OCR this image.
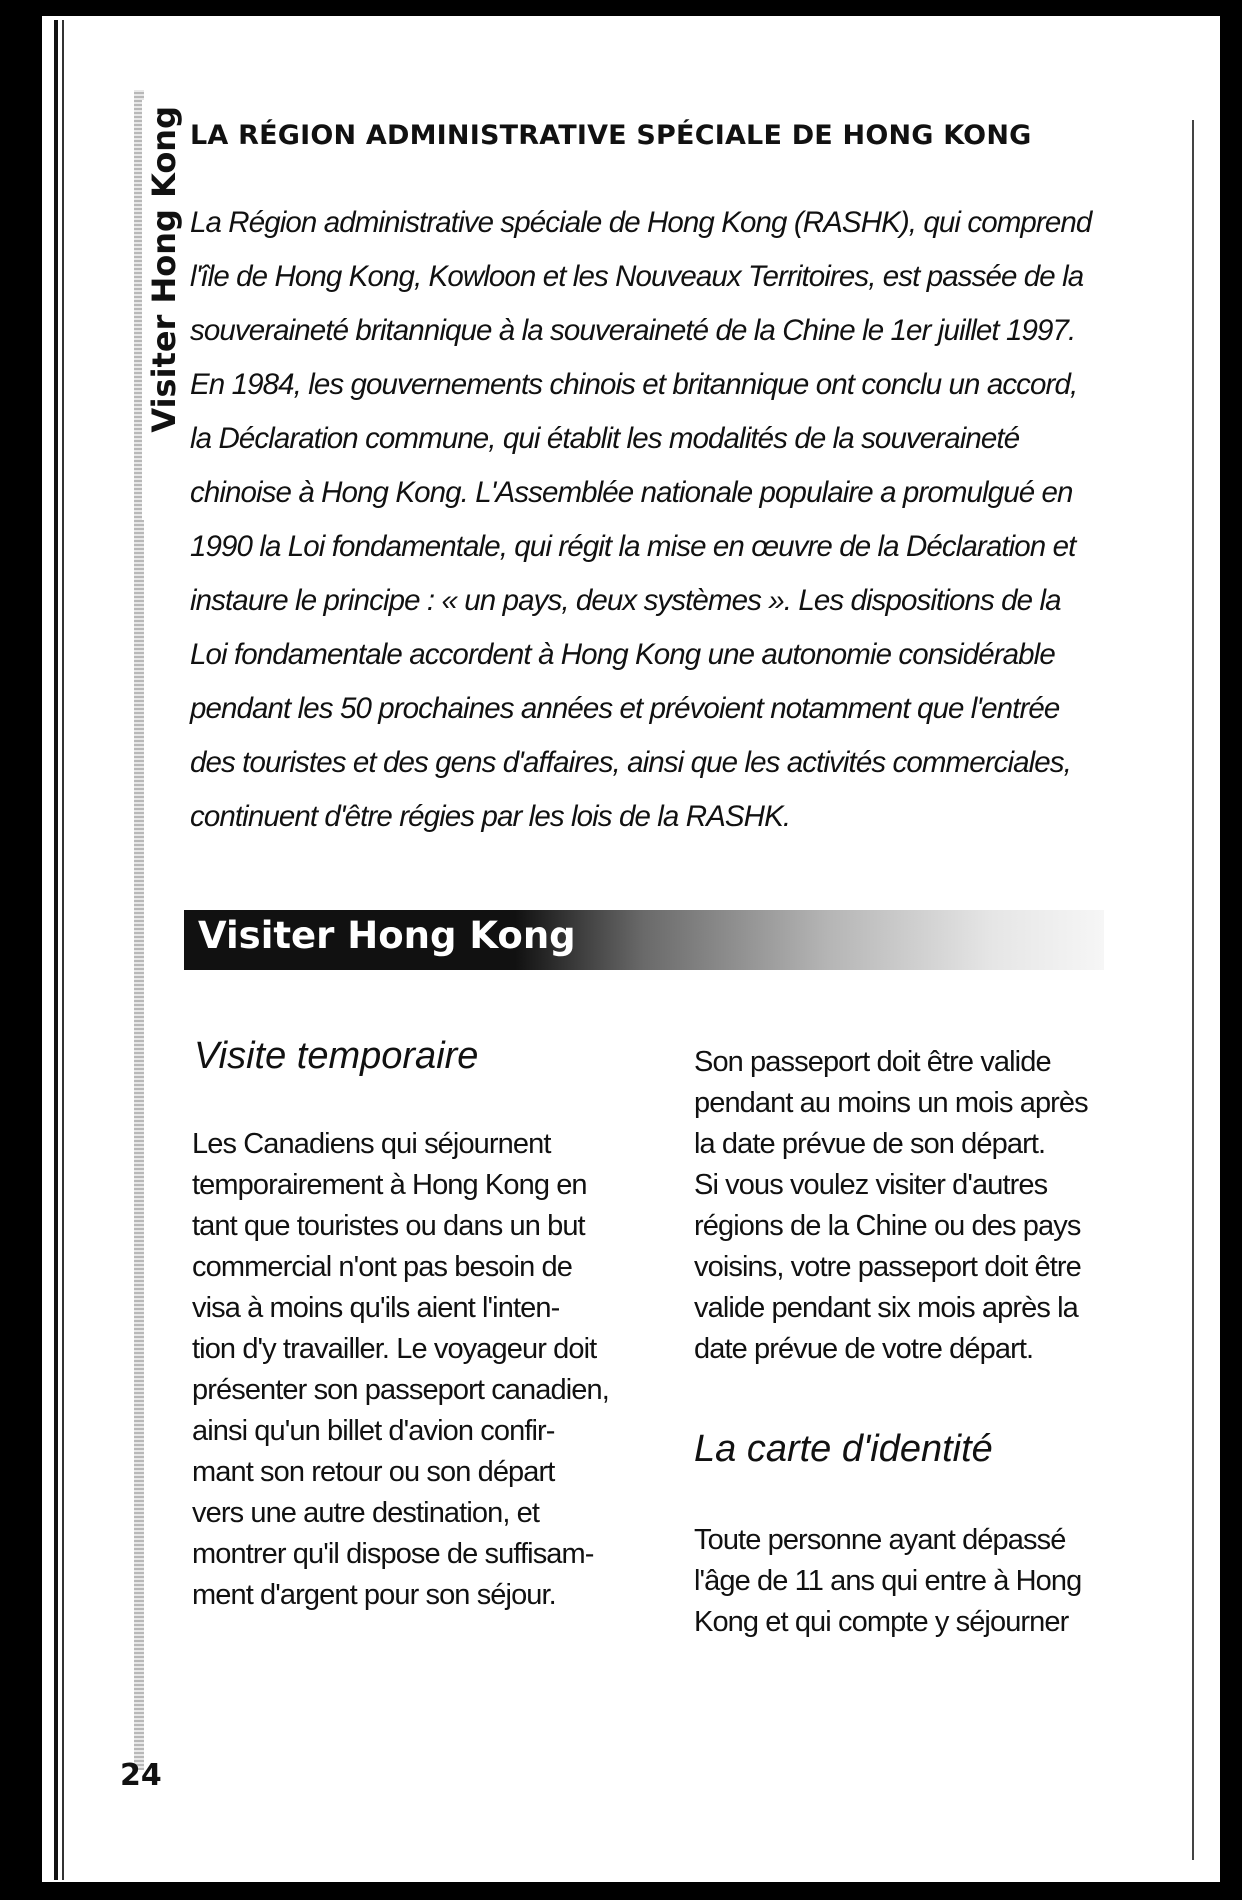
Visiter Hong Kong
24
LA RÉGION ADMINISTRATIVE SPÉCIALE DE HONG KONG
La Région administrative spéciale de Hong Kong (RASHK), qui comprend
l'île de Hong Kong, Kowloon et les Nouveaux Territoires, est passée de la
souveraineté britannique à la souveraineté de la Chine le 1er juillet 1997.
En 1984, les gouvernements chinois et britannique ont conclu un accord,
la Déclaration commune, qui établit les modalités de la souveraineté
chinoise à Hong Kong. L'Assemblée nationale populaire a promulgué en
1990 la Loi fondamentale, qui régit la mise en œuvre de la Déclaration et
instaure le principe : « un pays, deux systèmes ». Les dispositions de la
Loi fondamentale accordent à Hong Kong une autonomie considérable
pendant les 50 prochaines années et prévoient notamment que l'entrée
des touristes et des gens d'affaires, ainsi que les activités commerciales,
continuent d'être régies par les lois de la RASHK.
Visiter Hong Kong
Visite temporaire
Les Canadiens qui séjournent
temporairement à Hong Kong en
tant que touristes ou dans un but
commercial n'ont pas besoin de
visa à moins qu'ils aient l'inten-
tion d'y travailler. Le voyageur doit
présenter son passeport canadien,
ainsi qu'un billet d'avion confir-
mant son retour ou son départ
vers une autre destination, et
montrer qu'il dispose de suffisam-
ment d'argent pour son séjour.
Son passeport doit être valide
pendant au moins un mois après
la date prévue de son départ.
Si vous voulez visiter d'autres
régions de la Chine ou des pays
voisins, votre passeport doit être
valide pendant six mois après la
date prévue de votre départ.
La carte d'identité
Toute personne ayant dépassé
l'âge de 11 ans qui entre à Hong
Kong et qui compte y séjourner
